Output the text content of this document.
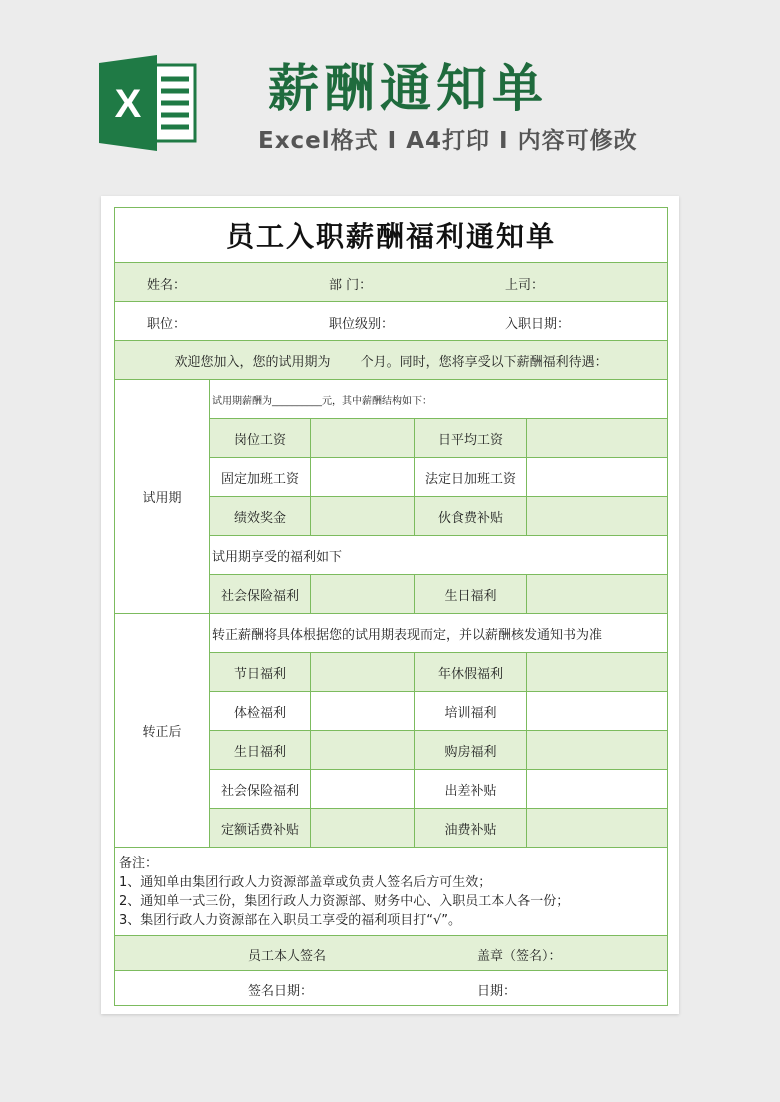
X 薪酬通知单
Excel格式 I A4打印 I 内容可修改
员工入职薪酬福利通知单				

姓名： 部 门： 上司：				

职位： 职位级别： 入职日期：				

欢迎您加入，您的试用期为　　 个月。同时，您将享受以下薪酬福利待遇：				
试用期	试用期薪酬为__________元，其中薪酬结构如下：			
	岗位工资		日平均工资	
	固定加班工资		法定日加班工资	
	绩效奖金		伙食费补贴	
	试用期享受的福利如下			
	社会保险福利		生日福利	
转正后	转正薪酬将具体根据您的试用期表现而定，并以薪酬核发通知书为准			
	节日福利		年休假福利	
	体检福利		培训福利	
	生日福利		购房福利	
	社会保险福利		出差补贴	
	定额话费补贴		油费补贴	

备注：
1、通知单由集团行政人力资源部盖章或负责人签名后方可生效；
2、通知单一式三份，集团行政人力资源部、财务中心、入职员工本人各一份；
3、集团行政人力资源部在入职员工享受的福利项目打“√”。				

员工本人签名 盖章（签名）：				

签名日期： 日期：				
